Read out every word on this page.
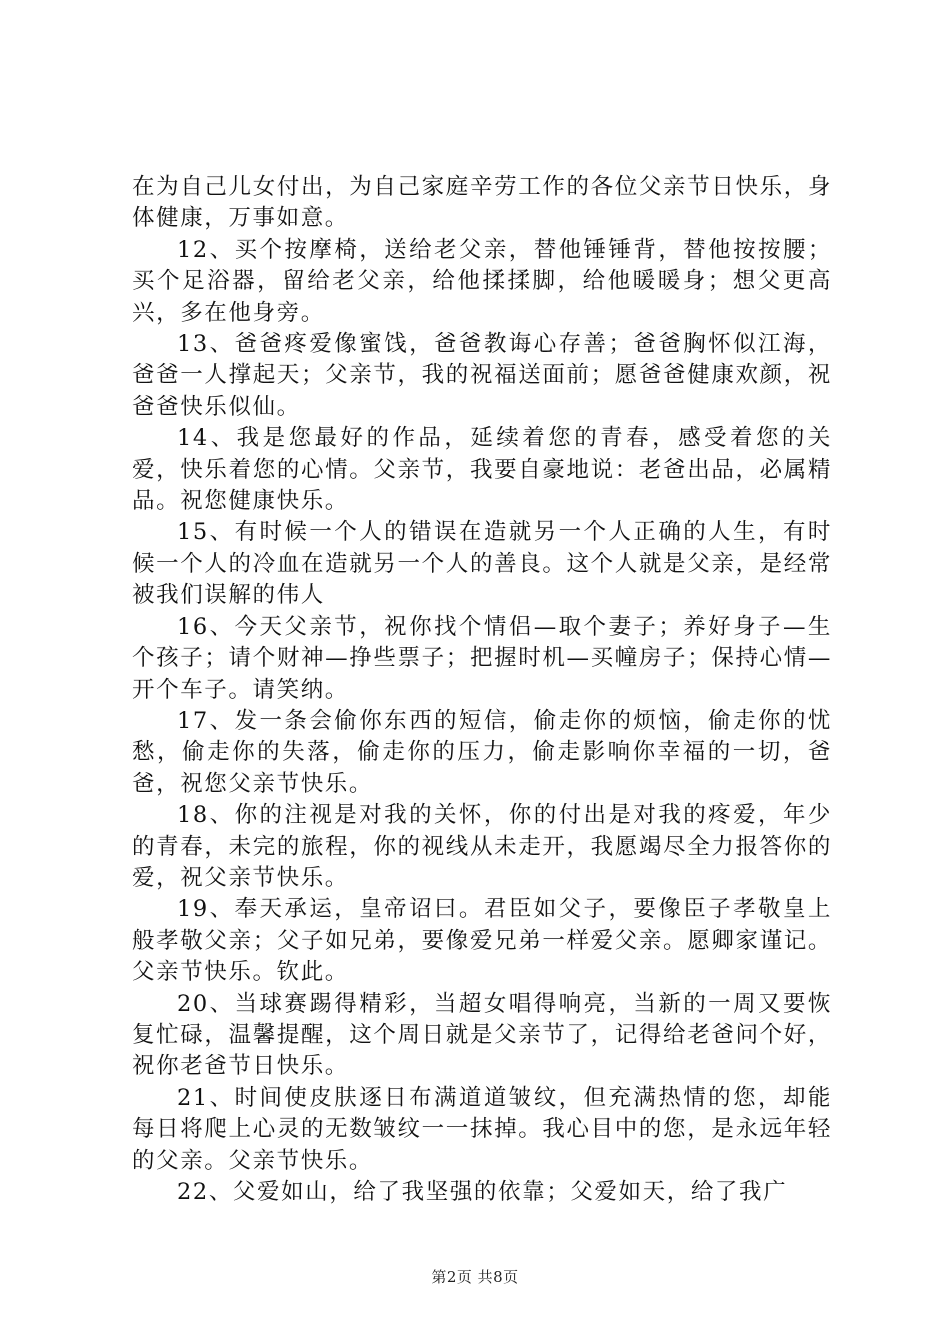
在为自己儿女付出，为自己家庭辛劳工作的各位父亲节日快乐，身体健康，万事如意。

12、买个按摩椅，送给老父亲，替他锤锤背，替他按按腰；买个足浴器，留给老父亲，给他揉揉脚，给他暖暖身；想父更高兴，多在他身旁。

13、爸爸疼爱像蜜饯，爸爸教诲心存善；爸爸胸怀似江海，爸爸一人撑起天；父亲节，我的祝福送面前；愿爸爸健康欢颜，祝爸爸快乐似仙。

14、我是您最好的作品，延续着您的青春，感受着您的关爱，快乐着您的心情。父亲节，我要自豪地说：老爸出品，必属精品。祝您健康快乐。

15、有时候一个人的错误在造就另一个人正确的人生，有时候一个人的冷血在造就另一个人的善良。这个人就是父亲，是经常被我们误解的伟人

16、今天父亲节，祝你找个情侣—取个妻子；养好身子—生个孩子；请个财神—挣些票子；把握时机—买幢房子；保持心情—开个车子。请笑纳。

17、发一条会偷你东西的短信，偷走你的烦恼，偷走你的忧愁，偷走你的失落，偷走你的压力，偷走影响你幸福的一切，爸爸，祝您父亲节快乐。

18、你的注视是对我的关怀，你的付出是对我的疼爱，年少的青春，未完的旅程，你的视线从未走开，我愿竭尽全力报答你的爱，祝父亲节快乐。

19、奉天承运，皇帝诏曰。君臣如父子，要像臣子孝敬皇上般孝敬父亲；父子如兄弟，要像爱兄弟一样爱父亲。愿卿家谨记。父亲节快乐。钦此。

20、当球赛踢得精彩，当超女唱得响亮，当新的一周又要恢复忙碌，温馨提醒，这个周日就是父亲节了，记得给老爸问个好，祝你老爸节日快乐。

21、时间使皮肤逐日布满道道皱纹，但充满热情的您，却能每日将爬上心灵的无数皱纹一一抹掉。我心目中的您，是永远年轻的父亲。父亲节快乐。

22、父爱如山，给了我坚强的依靠；父爱如天，给了我广

第2页 共8页
